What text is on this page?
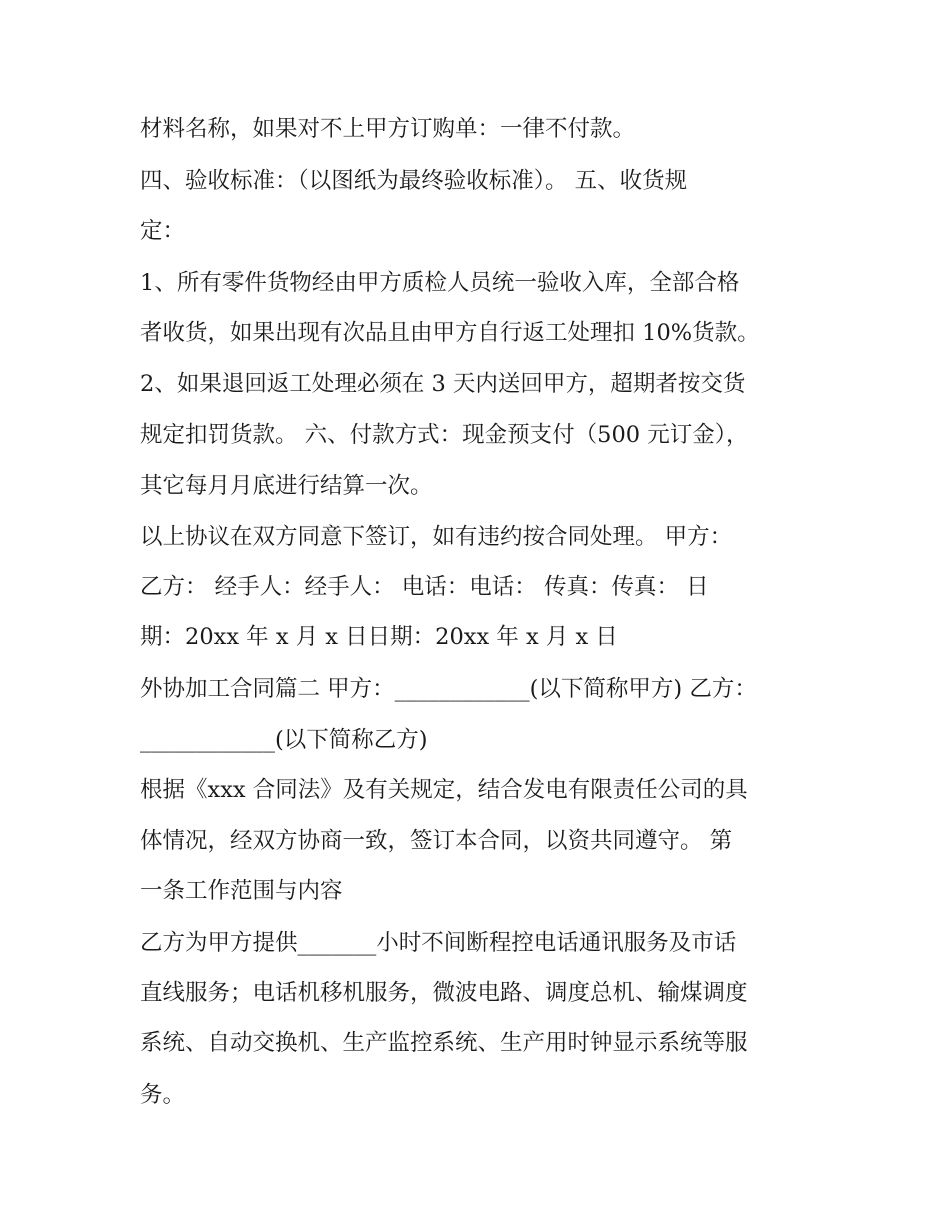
材料名称，如果对不上甲方订购单：一律不付款。
四、验收标准：（以图纸为最终验收标准）。 五、收货规
定：
1、所有零件货物经由甲方质检人员统一验收入库，全部合格
者收货，如果出现有次品且由甲方自行返工处理扣 10%货款。
2、如果退回返工处理必须在 3 天内送回甲方，超期者按交货
规定扣罚货款。 六、付款方式：现金预支付（500 元订金），
其它每月月底进行结算一次。
以上协议在双方同意下签订，如有违约按合同处理。 甲方：
乙方： 经手人：经手人： 电话：电话： 传真：传真： 日
期：20xx 年 x 月 x 日日期：20xx 年 x 月 x 日
外协加工合同篇二 甲方：____________(以下简称甲方) 乙方：
____________(以下简称乙方)
根据《xxx 合同法》及有关规定，结合发电有限责任公司的具
体情况，经双方协商一致，签订本合同，以资共同遵守。 第
一条工作范围与内容
乙方为甲方提供_______小时不间断程控电话通讯服务及市话
直线服务；电话机移机服务，微波电路、调度总机、输煤调度
系统、自动交换机、生产监控系统、生产用时钟显示系统等服
务。
